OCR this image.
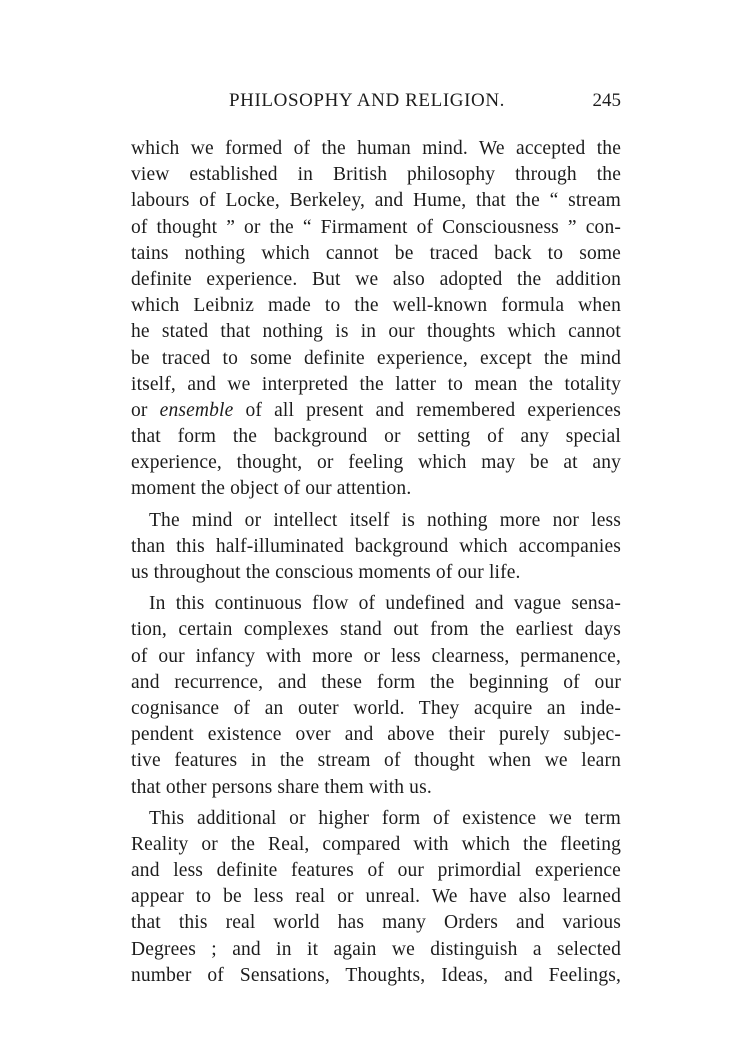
PHILOSOPHY AND RELIGION.	245
which we formed of the human mind. We accepted the
view established in British philosophy through the
labours of Locke, Berkeley, and Hume, that the “ stream
of thought ” or the “ Firmament of Consciousness ” con-
tains nothing which cannot be traced back to some
definite experience. But we also adopted the addition
which Leibniz made to the well-known formula when
he stated that nothing is in our thoughts which cannot
be traced to some definite experience, except the mind
itself, and we interpreted the latter to mean the totality
or ensemble of all present and remembered experiences
that form the background or setting of any special
experience, thought, or feeling which may be at any
moment the object of our attention.
The mind or intellect itself is nothing more nor less
than this half-illuminated background which accompanies
us throughout the conscious moments of our life.
In this continuous flow of undefined and vague sensa-
tion, certain complexes stand out from the earliest days
of our infancy with more or less clearness, permanence,
and recurrence, and these form the beginning of our
cognisance of an outer world. They acquire an inde-
pendent existence over and above their purely subjec-
tive features in the stream of thought when we learn
that other persons share them with us.
This additional or higher form of existence we term
Reality or the Real, compared with which the fleeting
and less definite features of our primordial experience
appear to be less real or unreal. We have also learned
that this real world has many Orders and various
Degrees ; and in it again we distinguish a selected
number of Sensations, Thoughts, Ideas, and Feelings,
